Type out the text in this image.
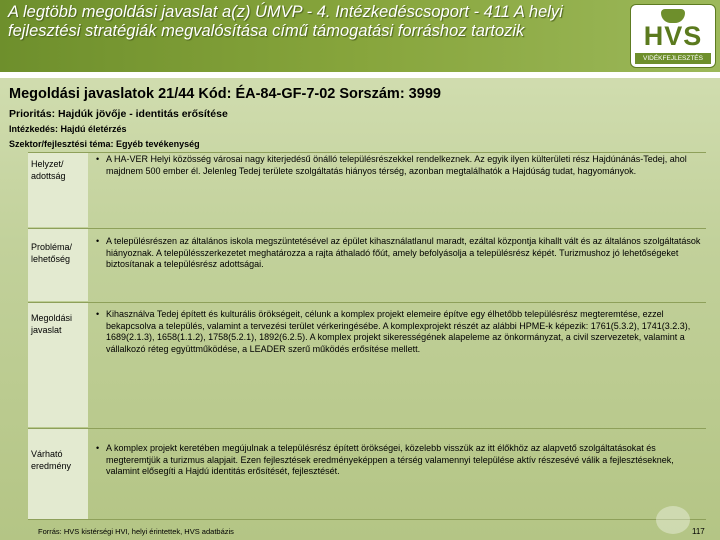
A legtöbb megoldási javaslat a(z) ÚMVP - 4. Intézkedéscsoport - 411 A helyi fejlesztési stratégiák megvalósítása című támogatási forráshoz tartozik	HVS
VIDÉKFEJLESZTÉS
Megoldási javaslatok 21/44 Kód: ÉA-84-GF-7-02 Sorszám: 3999
Prioritás: Hajdúk jövője - identitás erősítése
Intézkedés: Hajdú életérzés
Szektor/fejlesztési téma: Egyéb tevékenység
Helyzet/ adottság
• A HA-VER Helyi közösség városai nagy kiterjedésű önálló településrészekkel rendelkeznek. Az egyik ilyen külterületi rész Hajdúnánás-Tedej, ahol majdnem 500 ember él. Jelenleg Tedej területe szolgáltatás hiányos térség, azonban megtalálhatók a Hajdúság tudat, hagyományok.
Probléma/ lehetőség
• A településrészen az általános iskola megszüntetésével az épület kihasználatlanul maradt, ezáltal központja kihallt vált és az általános szolgáltatások hiányoznak. A településszerkezetet meghatározza a rajta áthaladó főút, amely befolyásolja a településrész képét. Turizmushoz jó lehetőségeket biztosítanak a településrész adottságai.
Megoldási javaslat
• Kihasználva Tedej épített és kulturális örökségeit, célunk a komplex projekt elemeire építve egy élhetőbb településrész megteremtése, ezzel bekapcsolva a település, valamint a tervezési terület vérkeringésébe. A komplexprojekt részét az alábbi HPME-k képezik: 1761(5.3.2), 1741(3.2.3), 1689(2.1.3), 1658(1.1.2), 1758(5.2.1), 1892(6.2.5). A komplex projekt sikerességének alapeleme az önkormányzat, a civil szervezetek, valamint a vállalkozó réteg együttműködése, a LEADER szerű működés erősítése mellett.
Várható eredmény
• A komplex projekt keretében megújulnak a településrész épített örökségei, közelebb visszük az itt élőkhöz az alapvető szolgáltatásokat és megteremtjük a turizmus alapjait. Ezen fejlesztések eredményeképpen a térség valamennyi települése aktív részesévé válik a fejlesztéseknek, valamint elősegíti a Hajdú identitás erősítését, fejlesztését.
Forrás: HVS kistérségi HVI, helyi érintettek, HVS adatbázis	117
